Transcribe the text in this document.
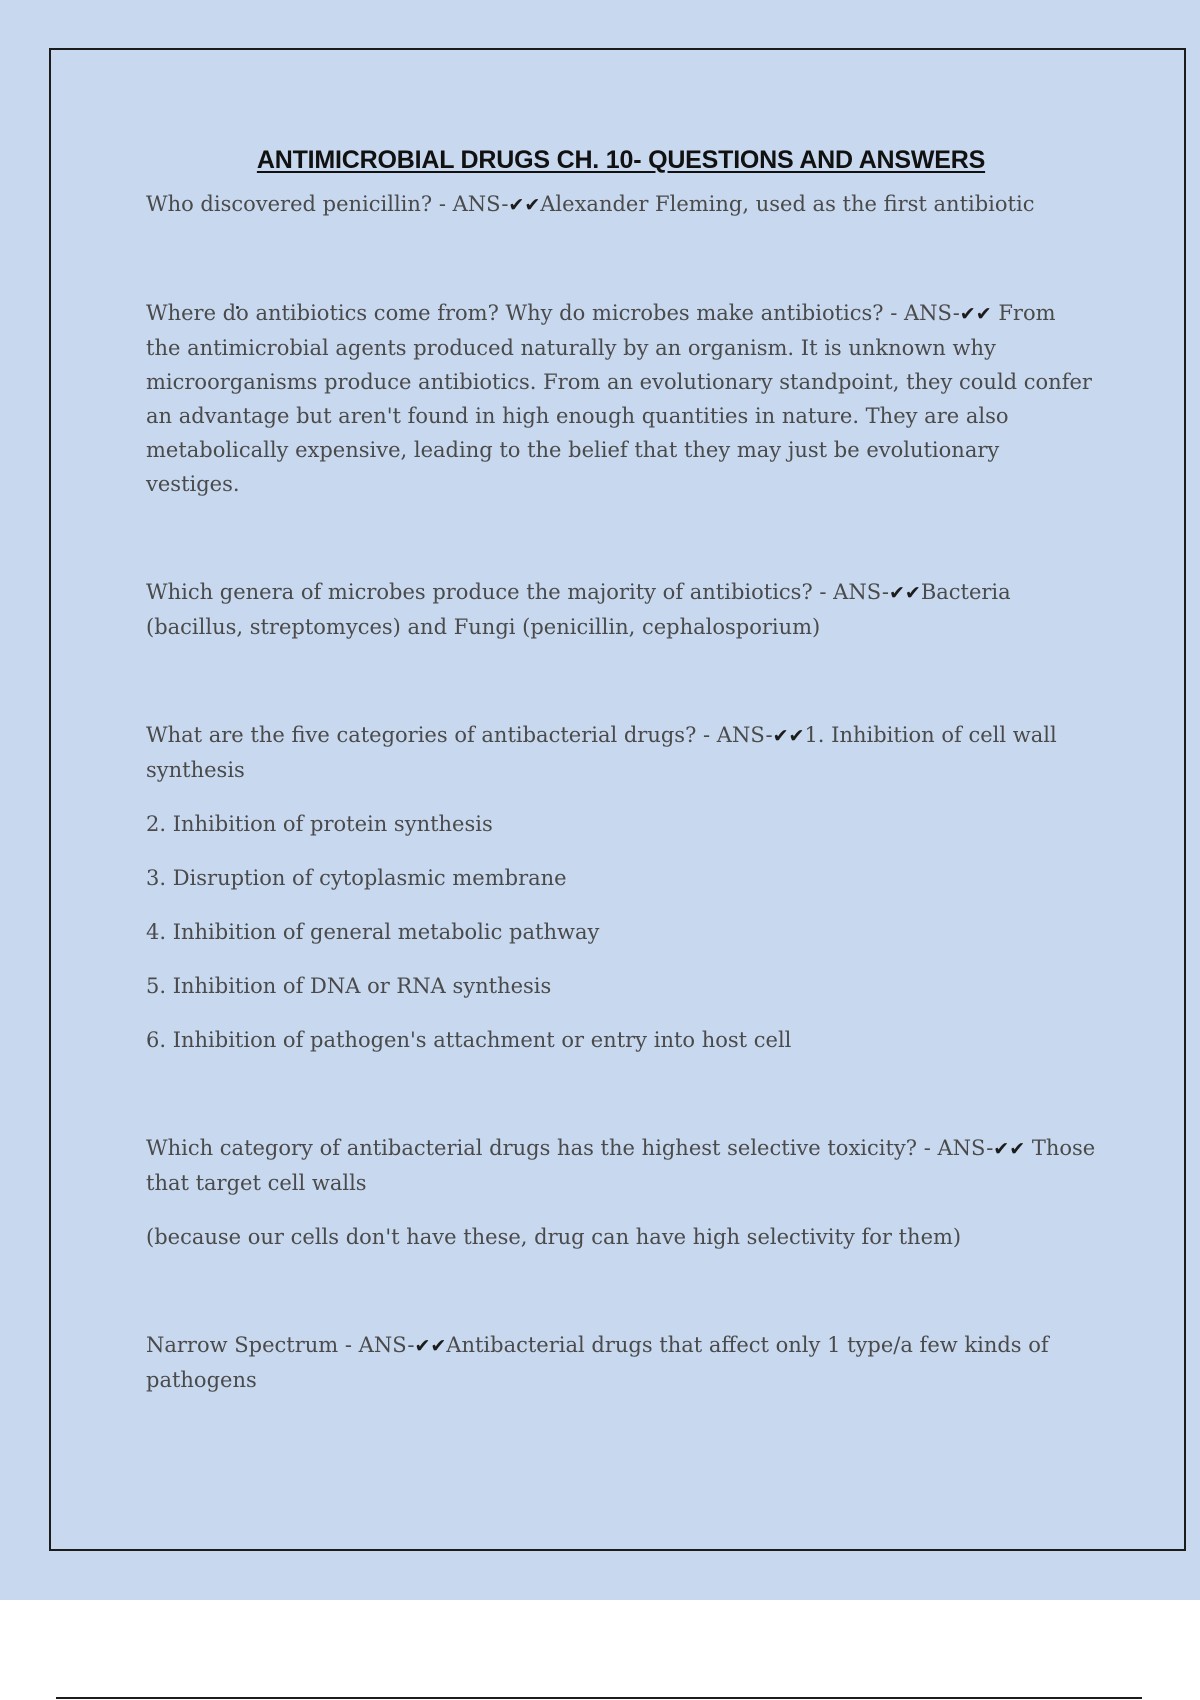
ANTIMICROBIAL DRUGS CH. 10- QUESTIONS AND ANSWERS

Who discovered penicillin? - ANS-✔✔Alexander Fleming, used as the first antibiotic

Where do antibiotics come from? Why do microbes make antibiotics? - ANS-✔✔ From the antimicrobial agents produced naturally by an organism. It is unknown why microorganisms produce antibiotics. From an evolutionary standpoint, they could confer an advantage but aren't found in high enough quantities in nature. They are also metabolically expensive, leading to the belief that they may just be evolutionary vestiges.

Which genera of microbes produce the majority of antibiotics? - ANS-✔✔Bacteria (bacillus, streptomyces) and Fungi (penicillin, cephalosporium)

What are the five categories of antibacterial drugs? - ANS-✔✔1. Inhibition of cell wall synthesis

2. Inhibition of protein synthesis

3. Disruption of cytoplasmic membrane

4. Inhibition of general metabolic pathway

5. Inhibition of DNA or RNA synthesis

6. Inhibition of pathogen's attachment or entry into host cell

Which category of antibacterial drugs has the highest selective toxicity? - ANS-✔✔ Those that target cell walls

(because our cells don't have these, drug can have high selectivity for them)

Narrow Spectrum - ANS-✔✔Antibacterial drugs that affect only 1 type/a few kinds of pathogens
